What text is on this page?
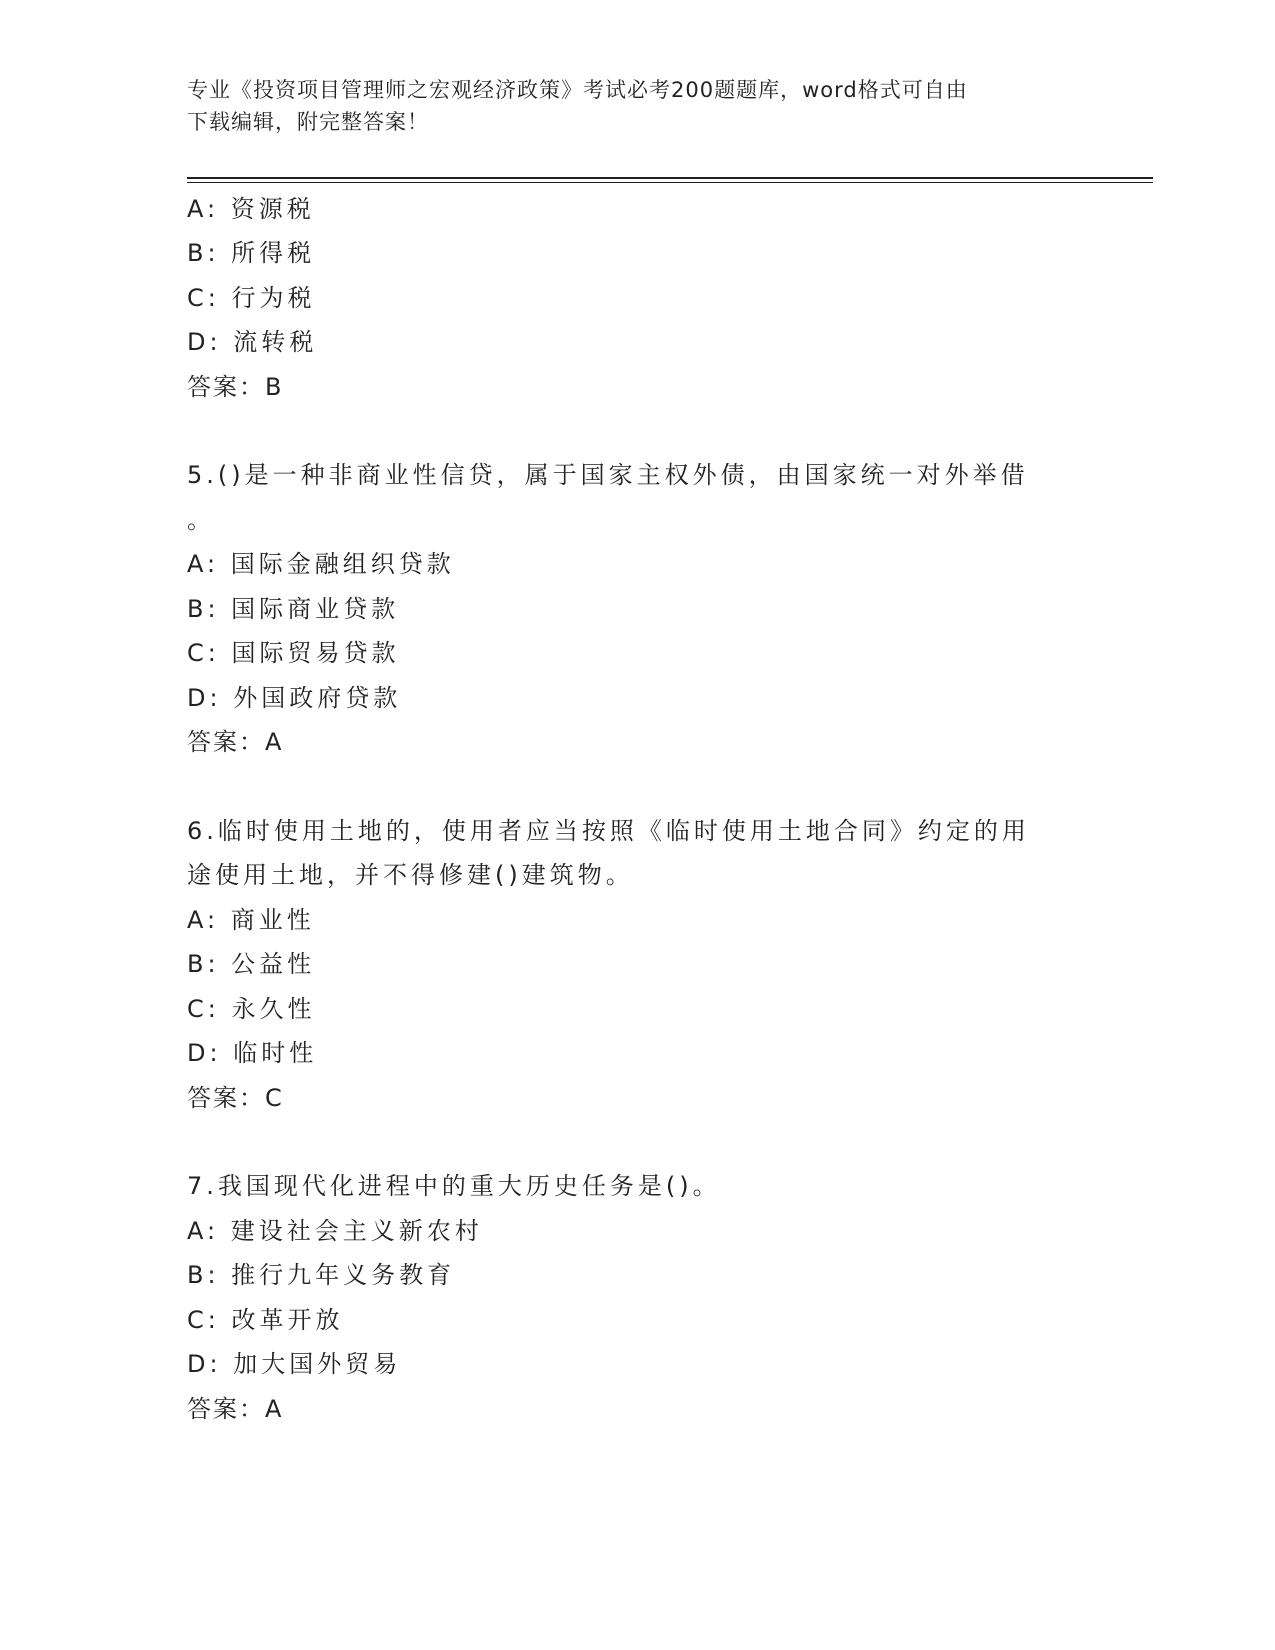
专业《投资项目管理师之宏观经济政策》考试必考200题题库，word格式可自由
下载编辑，附完整答案！
A: 资源税
B: 所得税
C: 行为税
D: 流转税
答案：B
5.()是一种非商业性信贷，属于国家主权外债，由国家统一对外举借
。
A: 国际金融组织贷款
B: 国际商业贷款
C: 国际贸易贷款
D: 外国政府贷款
答案：A
6.临时使用土地的，使用者应当按照《临时使用土地合同》约定的用
途使用土地，并不得修建()建筑物。
A: 商业性
B: 公益性
C: 永久性
D: 临时性
答案：C
7.我国现代化进程中的重大历史任务是()。
A: 建设社会主义新农村
B: 推行九年义务教育
C: 改革开放
D: 加大国外贸易
答案：A
